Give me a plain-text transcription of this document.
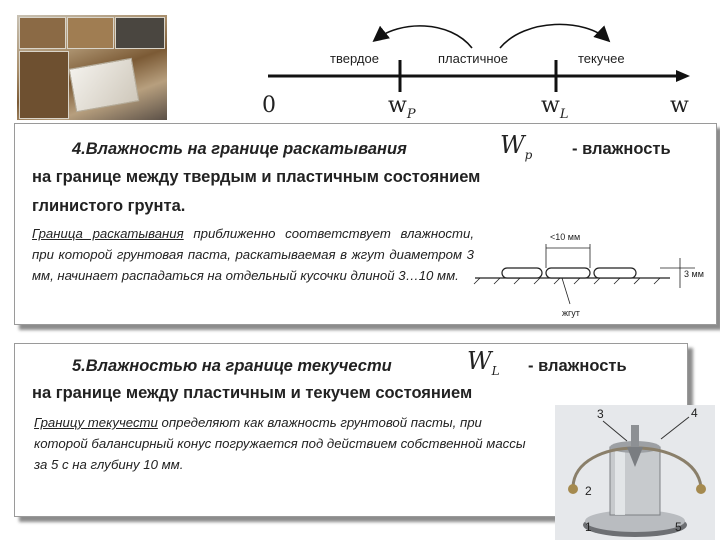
твердое	пластичное	текучее
0	$w_P$	$w_L$	w
4.Влажность на границе раскатывания	$W_p$ - влажность
на границе между твердым и пластичным состоянием
глинистого грунта.
Граница раскатывания приближенно соответствует влажности, при которой грунтовая паста, раскатываемая в жгут диаметром 3 мм, начинает распадаться на отдельный кусочки длиной 3…10 мм.
<10 мм
3 мм
жгут
5.Влажностью на границе текучести	$W_L$ - влажность
на границе между пластичным и текучем состоянием
Границу текучести определяют как влажность грунтовой пасты, при которой балансирный конус погружается под действием собственной массы за 5 с на глубину 10 мм.
3	4
2
1	5
